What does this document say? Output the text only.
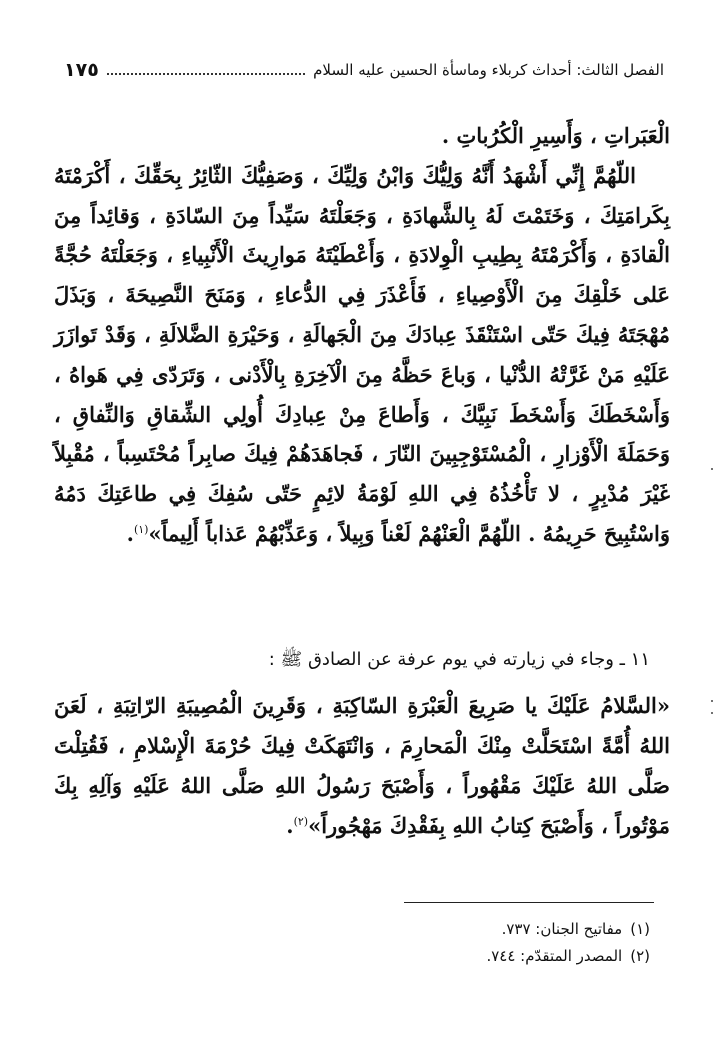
الفصل الثالث: أحداث كربلاء وماسأة الحسين عليه السلام
١٧٥

الْعَبَراتِ ، وَأَسِيرِ الْكُرُباتِ .

اللّهُمَّ إِنِّي أَشْهَدُ أَنَّهُ وَلِيُّكَ وَابْنُ وَلِيِّكَ ، وَصَفِيُّكَ الثّائِرُ بِحَقِّكَ ، أَكْرَمْتَهُ بِكَرامَتِكَ ، وَخَتَمْتَ لَهُ بِالشَّهادَةِ ، وَجَعَلْتَهُ سَيِّداً مِنَ السّادَةِ ، وَقائِداً مِنَ الْقادَةِ ، وَأَكْرَمْتَهُ بِطِيبِ الْوِلادَةِ ، وَأَعْطَيْتَهُ مَوارِيثَ الْأَنْبِياءِ ، وَجَعَلْتَهُ حُجَّةً عَلى خَلْقِكَ مِنَ الْأَوْصِياءِ ، فَأَعْذَرَ فِي الدُّعاءِ ، وَمَنَحَ النَّصِيحَةَ ، وَبَذَلَ مُهْجَتَهُ فِيكَ حَتّى اسْتَنْقَذَ عِبادَكَ مِنَ الْجَهالَةِ ، وَحَيْرَةِ الضَّلالَةِ ، وَقَدْ تَوازَرَ عَلَيْهِ مَنْ غَرَّتْهُ الدُّنْيا ، وَباعَ حَظَّهُ مِنَ الْآخِرَةِ بِالْأَدْنى ، وَتَرَدّى فِي هَواهُ ، وَأَسْخَطَكَ وَأَسْخَطَ نَبِيَّكَ ، وَأَطاعَ مِنْ عِبادِكَ أُولِي الشِّقاقِ وَالنِّفاقِ ، وَحَمَلَةَ الْأَوْزارِ ، الْمُسْتَوْجِبِينَ النّارَ ، فَجاهَدَهُمْ فِيكَ صابِراً مُحْتَسِباً ، مُقْبِلاً غَيْرَ مُدْبِرٍ ، لا تَأْخُذُهُ فِي اللهِ لَوْمَةُ لائِمٍ حَتّى سُفِكَ فِي طاعَتِكَ دَمُهُ وَاسْتُبِيحَ حَرِيمُهُ . اللّهُمَّ الْعَنْهُمْ لَعْناً وَبِيلاً ، وَعَذِّبْهُمْ عَذاباً أَلِيماً»$^{(١)}$.

١١ ـ وجاء في زيارته في يوم عرفة عن الصادق ﷺ :

«السَّلامُ عَلَيْكَ يا صَرِيعَ الْعَبْرَةِ السّاكِبَةِ ، وَقَرِينَ الْمُصِيبَةِ الرّاتِبَةِ ، لَعَنَ اللهُ أُمَّةً اسْتَحَلَّتْ مِنْكَ الْمَحارِمَ ، وَانْتَهَكَتْ فِيكَ حُرْمَةَ الْإِسْلامِ ، فَقُتِلْتَ صَلَّى اللهُ عَلَيْكَ مَقْهُوراً ، وَأَصْبَحَ رَسُولُ اللهِ صَلَّى اللهُ عَلَيْهِ وَآلِهِ بِكَ مَوْتُوراً ، وَأَصْبَحَ كِتابُ اللهِ بِفَقْدِكَ مَهْجُوراً»$^{(٢)}$.

(١)مفاتيح الجنان: ٧٣٧.

(٢)المصدر المتقدّم: ٧٤٤.
